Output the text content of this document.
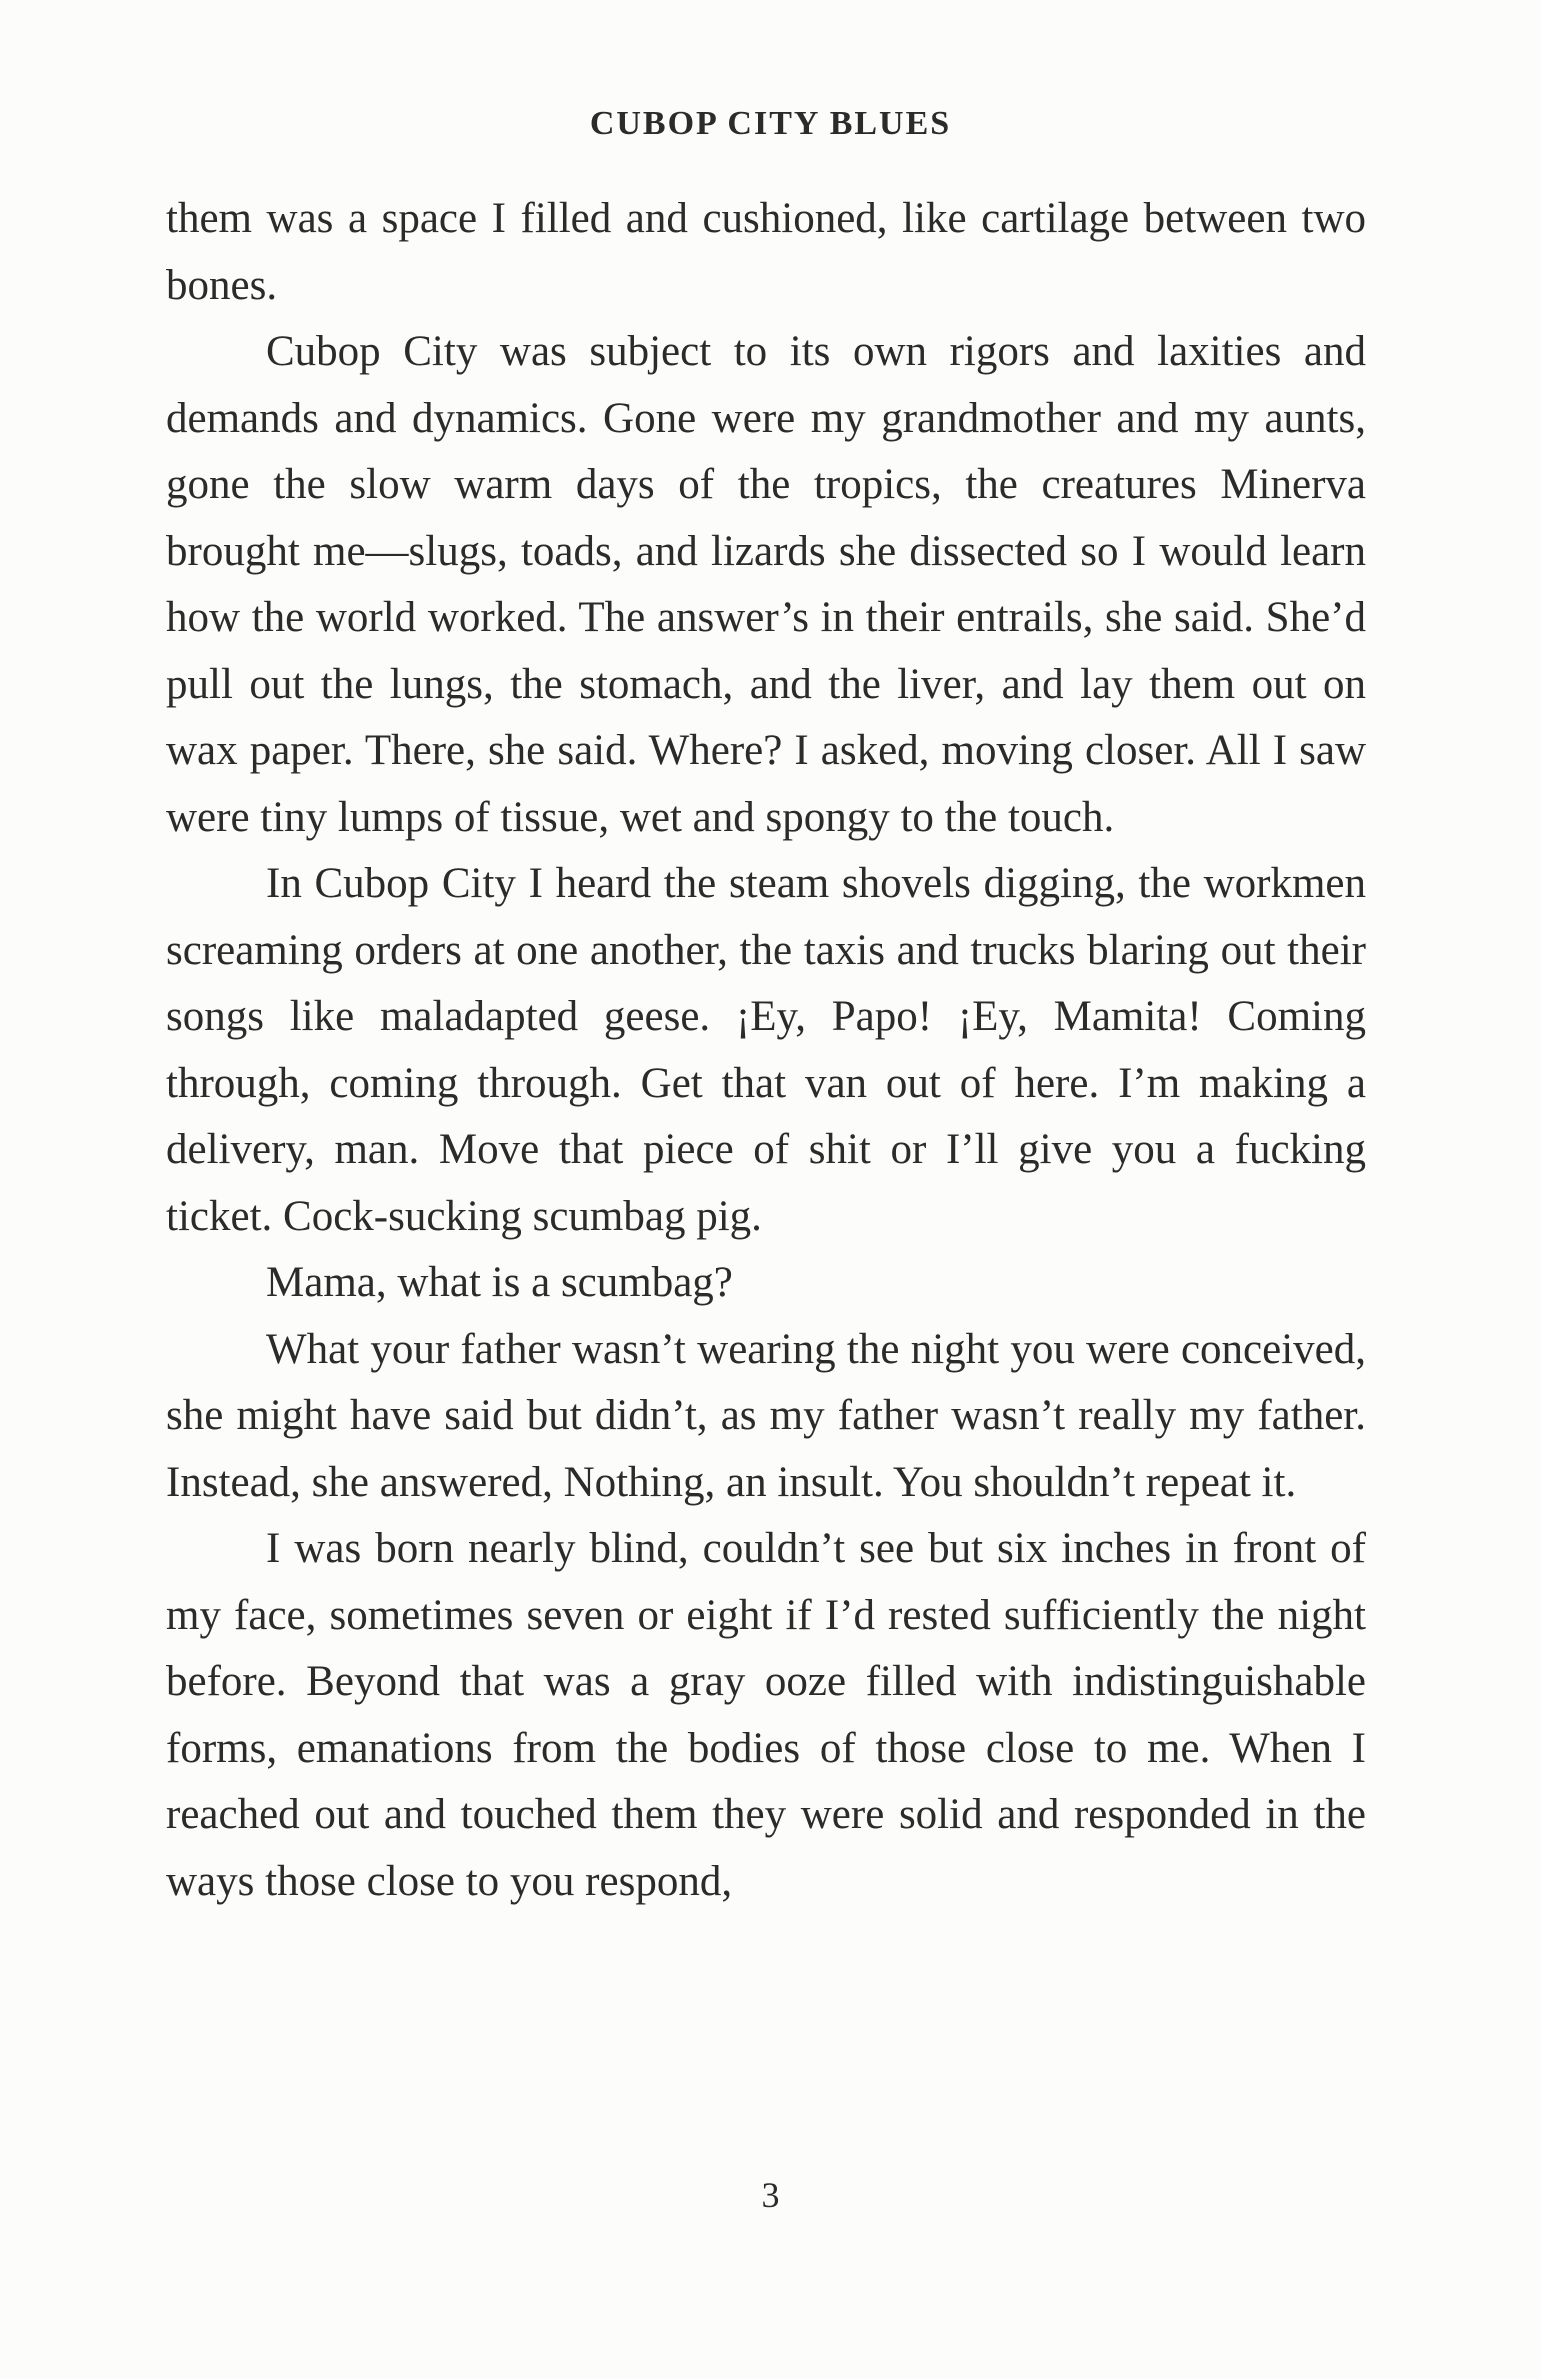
CUBOP CITY BLUES

them was a space I filled and cushioned, like cartilage between two bones.

Cubop City was subject to its own rigors and laxities and demands and dynamics. Gone were my grandmother and my aunts, gone the slow warm days of the tropics, the creatures Minerva brought me—slugs, toads, and lizards she dissected so I would learn how the world worked. The answer’s in their entrails, she said. She’d pull out the lungs, the stomach, and the liver, and lay them out on wax paper. There, she said. Where? I asked, moving closer. All I saw were tiny lumps of tissue, wet and spongy to the touch.

In Cubop City I heard the steam shovels digging, the workmen screaming orders at one another, the taxis and trucks blaring out their songs like maladapted geese. ¡Ey, Papo! ¡Ey, Mamita! Coming through, coming through. Get that van out of here. I’m making a delivery, man. Move that piece of shit or I’ll give you a fucking ticket. Cock-sucking scumbag pig.

Mama, what is a scumbag?

What your father wasn’t wearing the night you were conceived, she might have said but didn’t, as my father wasn’t really my father. Instead, she answered, Nothing, an insult. You shouldn’t repeat it.

I was born nearly blind, couldn’t see but six inches in front of my face, sometimes seven or eight if I’d rested sufficiently the night before. Beyond that was a gray ooze filled with indistinguishable forms, emanations from the bodies of those close to me. When I reached out and touched them they were solid and responded in the ways those close to you respond,

3
